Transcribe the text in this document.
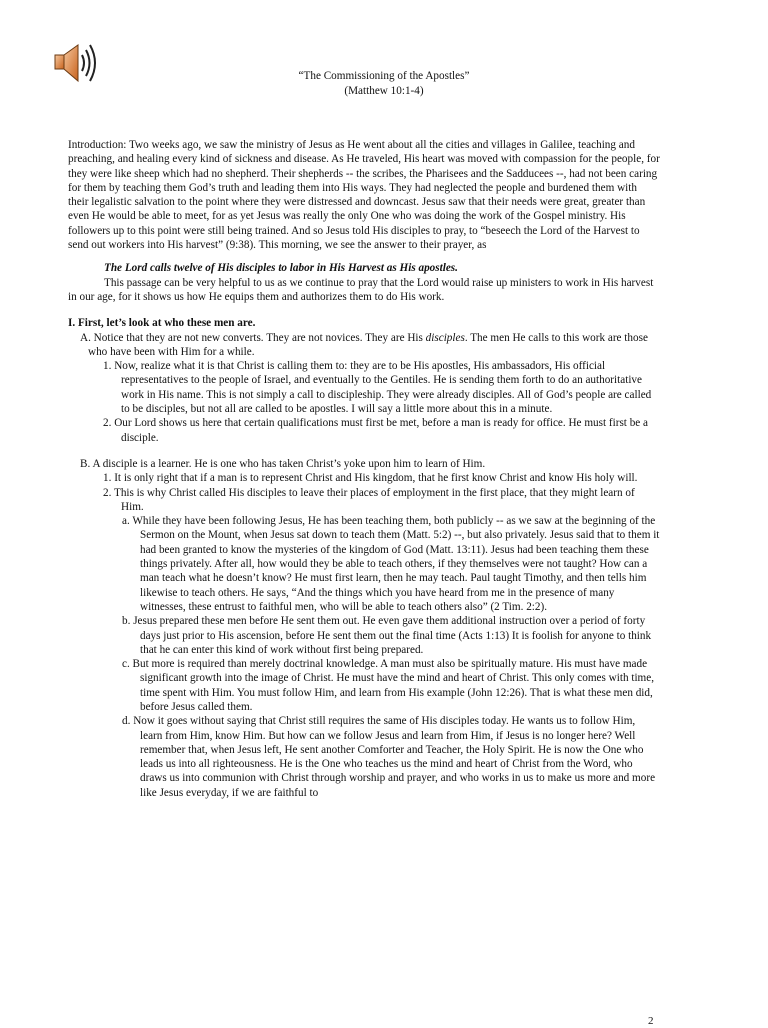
“The Commissioning of the Apostles”
(Matthew 10:1-4)

Introduction: Two weeks ago, we saw the ministry of Jesus as He went about all the cities and villages in Galilee, teaching and preaching, and healing every kind of sickness and disease. As He traveled, His heart was moved with compassion for the people, for they were like sheep which had no shepherd. Their shepherds -- the scribes, the Pharisees and the Sadducees --, had not been caring for them by teaching them God’s truth and leading them into His ways. They had neglected the people and burdened them with their legalistic salvation to the point where they were distressed and downcast. Jesus saw that their needs were great, greater than even He would be able to meet, for as yet Jesus was really the only One who was doing the work of the Gospel ministry. His followers up to this point were still being trained. And so Jesus told His disciples to pray, to “beseech the Lord of the Harvest to send out workers into His harvest” (9:38). This morning, we see the answer to their prayer, as

The Lord calls twelve of His disciples to labor in His Harvest as His apostles.

This passage can be very helpful to us as we continue to pray that the Lord would raise up ministers to work in His harvest in our age, for it shows us how He equips them and authorizes them to do His work.

I. First, let’s look at who these men are.

A. Notice that they are not new converts. They are not novices. They are His disciples. The men He calls to this work are those who have been with Him for a while.

1. Now, realize what it is that Christ is calling them to: they are to be His apostles, His ambassadors, His official representatives to the people of Israel, and eventually to the Gentiles. He is sending them forth to do an authoritative work in His name. This is not simply a call to discipleship. They were already disciples. All of God’s people are called to be disciples, but not all are called to be apostles. I will say a little more about this in a minute.

2. Our Lord shows us here that certain qualifications must first be met, before a man is ready for office. He must first be a disciple.

B. A disciple is a learner. He is one who has taken Christ’s yoke upon him to learn of Him.

1. It is only right that if a man is to represent Christ and His kingdom, that he first know Christ and know His holy will.

2. This is why Christ called His disciples to leave their places of employment in the first place, that they might learn of Him.

a. While they have been following Jesus, He has been teaching them, both publicly -- as we saw at the beginning of the Sermon on the Mount, when Jesus sat down to teach them (Matt. 5:2) --, but also privately. Jesus said that to them it had been granted to know the mysteries of the kingdom of God (Matt. 13:11). Jesus had been teaching them these things privately. After all, how would they be able to teach others, if they themselves were not taught? How can a man teach what he doesn’t know? He must first learn, then he may teach. Paul taught Timothy, and then tells him likewise to teach others. He says, “And the things which you have heard from me in the presence of many witnesses, these entrust to faithful men, who will be able to teach others also” (2 Tim. 2:2).

b. Jesus prepared these men before He sent them out. He even gave them additional instruction over a period of forty days just prior to His ascension, before He sent them out the final time (Acts 1:13) It is foolish for anyone to think that he can enter this kind of work without first being prepared.

c. But more is required than merely doctrinal knowledge. A man must also be spiritually mature. His must have made significant growth into the image of Christ. He must have the mind and heart of Christ. This only comes with time, time spent with Him. You must follow Him, and learn from His example (John 12:26). That is what these men did, before Jesus called them.

d. Now it goes without saying that Christ still requires the same of His disciples today. He wants us to follow Him, learn from Him, know Him. But how can we follow Jesus and learn from Him, if Jesus is no longer here? Well remember that, when Jesus left, He sent another Comforter and Teacher, the Holy Spirit. He is now the One who leads us into all righteousness. He is the One who teaches us the mind and heart of Christ from the Word, who draws us into communion with Christ through worship and prayer, and who works in us to make us more and more like Jesus everyday, if we are faithful to

2
